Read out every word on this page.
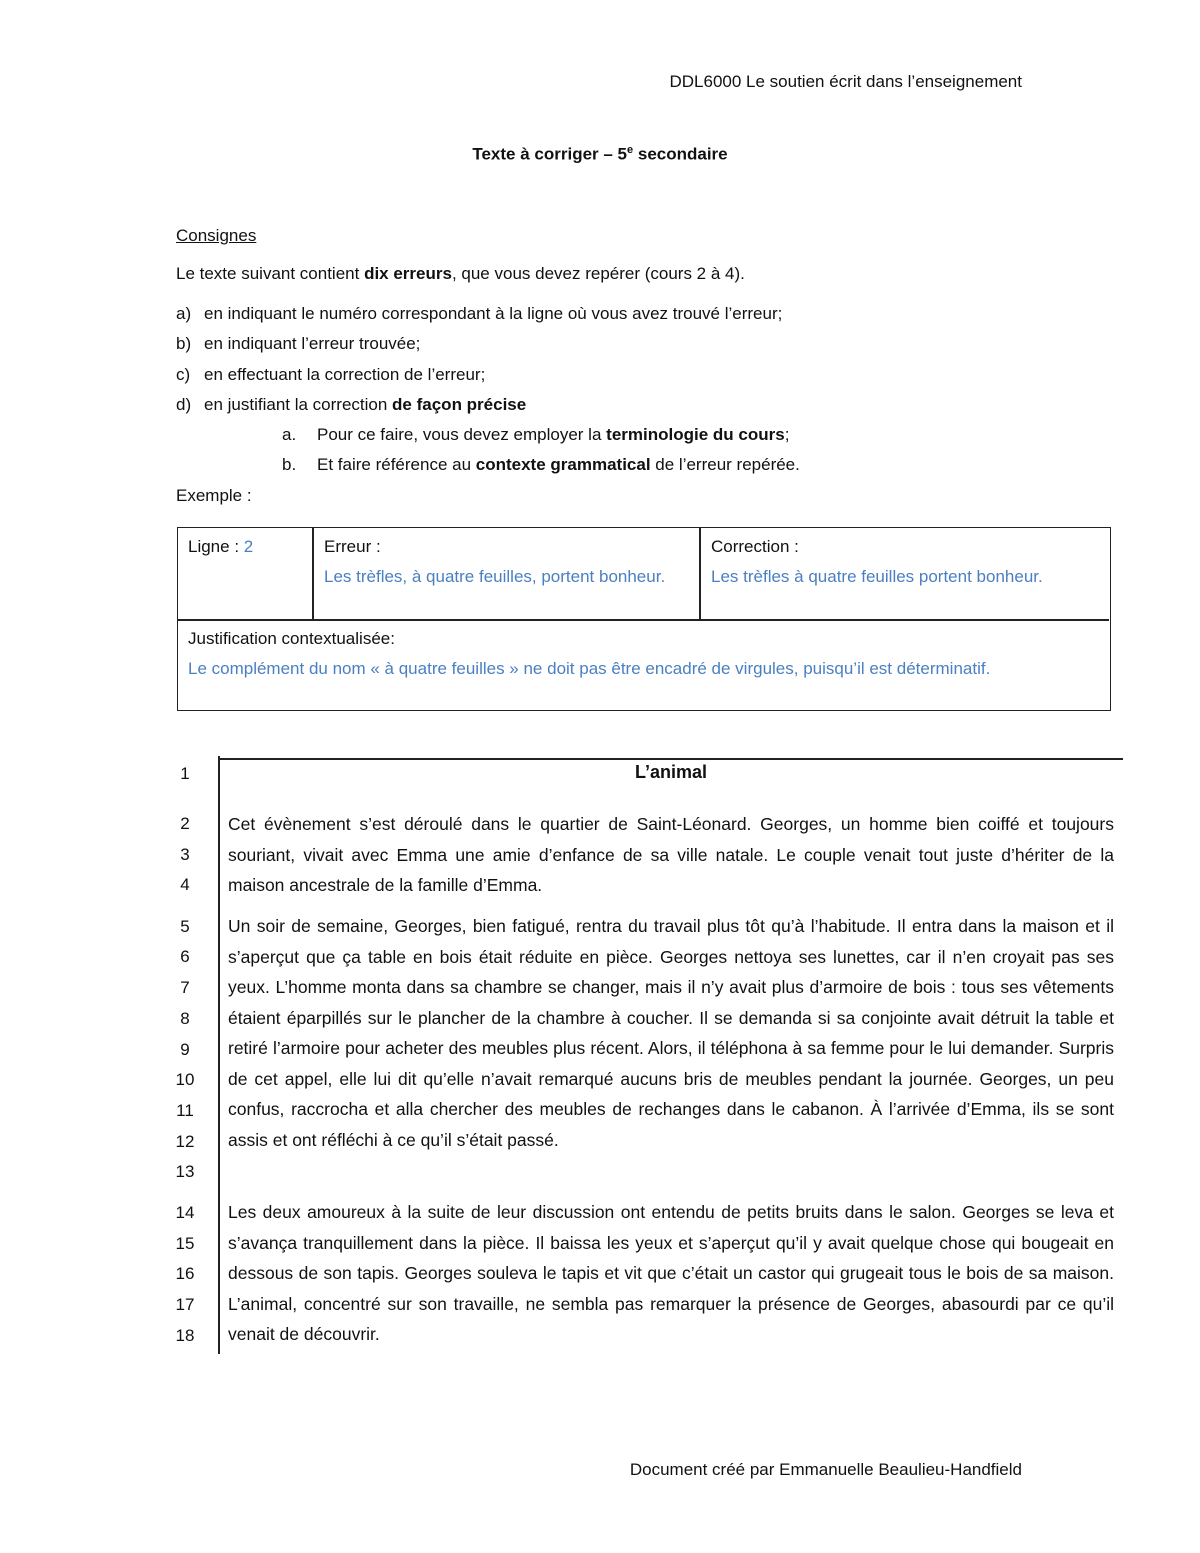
DDL6000 Le soutien écrit dans l’enseignement
Texte à corriger – 5e secondaire
Consignes
Le texte suivant contient dix erreurs, que vous devez repérer (cours 2 à 4).
a) en indiquant le numéro correspondant à la ligne où vous avez trouvé l’erreur;
b) en indiquant l’erreur trouvée;
c) en effectuant la correction de l’erreur;
d) en justifiant la correction de façon précise
a. Pour ce faire, vous devez employer la terminologie du cours;
b. Et faire référence au contexte grammatical de l’erreur repérée.
Exemple :
Ligne : 2	Erreur :
Les trèfles, à quatre feuilles, portent bonheur.
Correction :
Les trèfles à quatre feuilles portent bonheur.
Justification contextualisée:
Le complément du nom « à quatre feuilles » ne doit pas être encadré de virgules, puisqu’il est déterminatif.
1
2
3
4
5
6
7
8
9
10
11
12
13
14
15
16
17
18
L’animal
Cet évènement s’est déroulé dans le quartier de Saint-Léonard. Georges, un homme bien coiffé et toujours souriant, vivait avec Emma une amie d’enfance de sa ville natale. Le couple venait tout juste d’hériter de la maison ancestrale de la famille d’Emma.
Un soir de semaine, Georges, bien fatigué, rentra du travail plus tôt qu’à l’habitude. Il entra dans la maison et il s’aperçut que ça table en bois était réduite en pièce. Georges nettoya ses lunettes, car il n’en croyait pas ses yeux. L’homme monta dans sa chambre se changer, mais il n’y avait plus d’armoire de bois : tous ses vêtements étaient éparpillés sur le plancher de la chambre à coucher. Il se demanda si sa conjointe avait détruit la table et retiré l’armoire pour acheter des meubles plus récent. Alors, il téléphona à sa femme pour le lui demander. Surpris de cet appel, elle lui dit qu’elle n’avait remarqué aucuns bris de meubles pendant la journée. Georges, un peu confus, raccrocha et alla chercher des meubles de rechanges dans le cabanon. À l’arrivée d’Emma, ils se sont assis et ont réfléchi à ce qu’il s’était passé.
Les deux amoureux à la suite de leur discussion ont entendu de petits bruits dans le salon. Georges se leva et s’avança tranquillement dans la pièce. Il baissa les yeux et s’aperçut qu’il y avait quelque chose qui bougeait en dessous de son tapis. Georges souleva le tapis et vit que c’était un castor qui grugeait tous le bois de sa maison. L’animal, concentré sur son travaille, ne sembla pas remarquer la présence de Georges, abasourdi par ce qu’il venait de découvrir.
Document créé par Emmanuelle Beaulieu-Handfield
